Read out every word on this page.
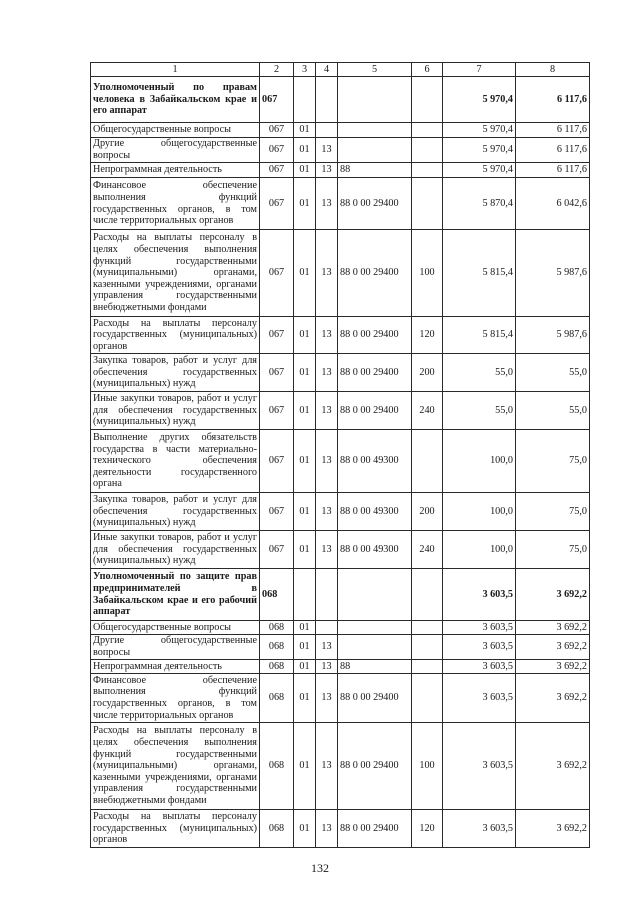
1	2	3	4	5	6	7	8
Уполномоченный по правам человека в Забайкальском крае и его аппарат	067					5 970,4	6 117,6
Общегосударственные вопросы	067	01				5 970,4	6 117,6
Другие общегосударственные вопросы	067	01	13			5 970,4	6 117,6
Непрограммная деятельность	067	01	13	88		5 970,4	6 117,6
Финансовое обеспечение выполнения функций государственных органов, в том числе территориальных органов	067	01	13	88 0 00 29400		5 870,4	6 042,6
Расходы на выплаты персоналу в целях обеспечения выполнения функций государственными (муниципальными) органами, казенными учреждениями, органами управления государственными внебюджетными фондами	067	01	13	88 0 00 29400	100	5 815,4	5 987,6
Расходы на выплаты персоналу государственных (муниципальных) органов	067	01	13	88 0 00 29400	120	5 815,4	5 987,6
Закупка товаров, работ и услуг для обеспечения государственных (муниципальных) нужд	067	01	13	88 0 00 29400	200	55,0	55,0
Иные закупки товаров, работ и услуг для обеспечения государственных (муниципальных) нужд	067	01	13	88 0 00 29400	240	55,0	55,0
Выполнение других обязательств государства в части материально-технического обеспечения деятельности государственного органа	067	01	13	88 0 00 49300		100,0	75,0
Закупка товаров, работ и услуг для обеспечения государственных (муниципальных) нужд	067	01	13	88 0 00 49300	200	100,0	75,0
Иные закупки товаров, работ и услуг для обеспечения государственных (муниципальных) нужд	067	01	13	88 0 00 49300	240	100,0	75,0
Уполномоченный по защите прав предпринимателей в Забайкальском крае и его рабочий аппарат	068					3 603,5	3 692,2
Общегосударственные вопросы	068	01				3 603,5	3 692,2
Другие общегосударственные вопросы	068	01	13			3 603,5	3 692,2
Непрограммная деятельность	068	01	13	88		3 603,5	3 692,2
Финансовое обеспечение выполнения функций государственных органов, в том числе территориальных органов	068	01	13	88 0 00 29400		3 603,5	3 692,2
Расходы на выплаты персоналу в целях обеспечения выполнения функций государственными (муниципальными) органами, казенными учреждениями, органами управления государственными внебюджетными фондами	068	01	13	88 0 00 29400	100	3 603,5	3 692,2
Расходы на выплаты персоналу государственных (муниципальных) органов	068	01	13	88 0 00 29400	120	3 603,5	3 692,2
132
